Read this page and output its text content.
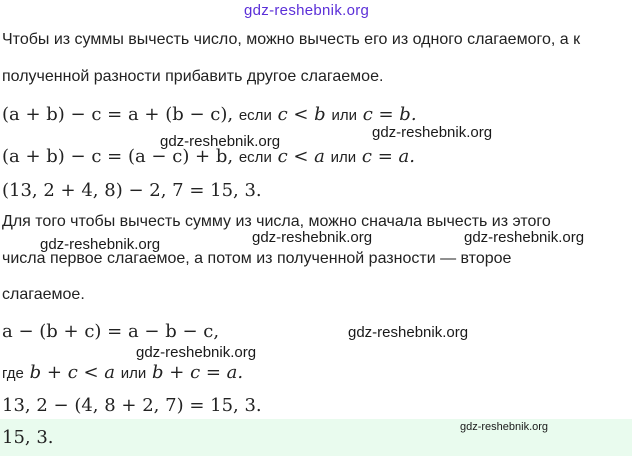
gdz-reshebnik.org
Чтобы из суммы вычесть число, можно вычесть его из одного слагаемого, а к
полученной разности прибавить другое слагаемое.
(a + b) − c = a + (b − c), если c < b или c = b.
gdz-reshebnik.org
gdz-reshebnik.org
(a + b) − c = (a − c) + b, если c < a или c = a.
(13, 2 + 4, 8) − 2, 7 = 15, 3.
Для того чтобы вычесть сумму из числа, можно сначала вычесть из этого
gdz-reshebnik.org	gdz-reshebnik.org
gdz-reshebnik.org
числа первое слагаемое, а потом из полученной разности — второе
слагаемое.
a − (b + c) = a − b − c,	gdz-reshebnik.org
gdz-reshebnik.org
где b + c < a или b + c = a.
13, 2 − (4, 8 + 2, 7) = 15, 3.
15, 3.	gdz-reshebnik.org
